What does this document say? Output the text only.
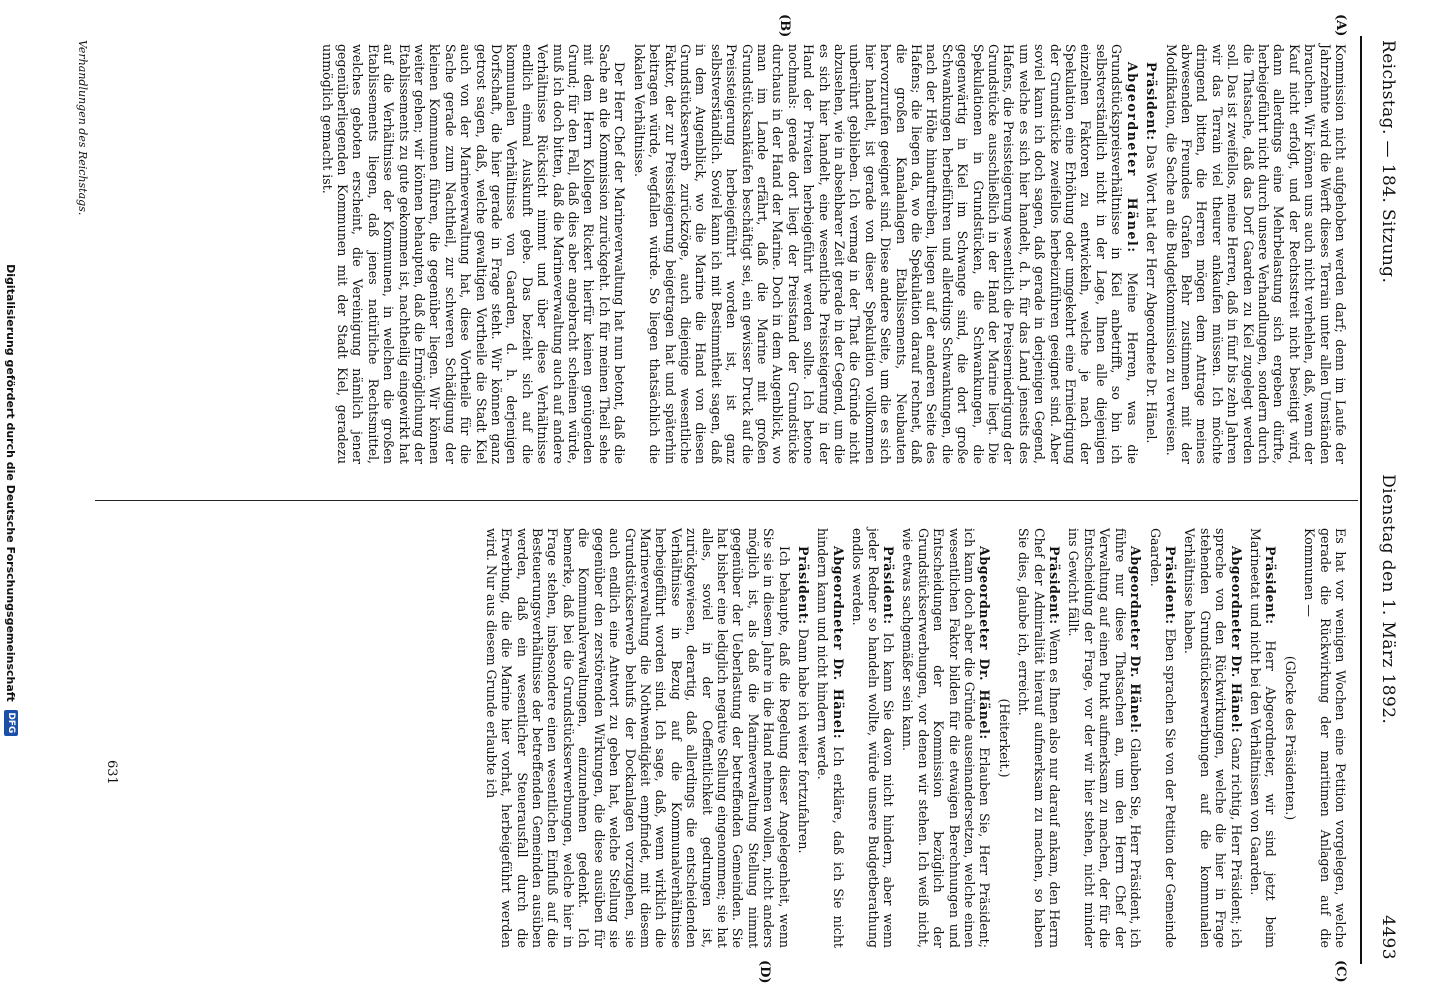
Reichstag. — 184. Sitzung.
Dienstag den 1. März 1892.
4493
(A)
(B)
(C)
(D)

Kommission nicht aufgehoben werden darf; denn im Laufe der Jahrzehnte wird die Werft dieses Terrain unter allen Umständen brauchen. Wir können uns auch nicht verhehlen, daß, wenn der Kauf nicht erfolgt, und der Rechtsstreit nicht beseitigt wird, dann allerdings eine Mehrbelastung sich ergeben dürfte, herbeigeführt nicht durch unsere Verhandlungen, sondern durch die Thatsache, daß das Dorf Gaarden zu Kiel zugelegt werden soll. Das ist zweifellos, meine Herren, daß in fünf bis zehn Jahren wir das Terrain viel theurer ankaufen müssen. Ich möchte dringend bitten, die Herren mögen dem Antrage meines abwesenden Freundes Grafen Behr zustimmen mit der Modifikation, die Sache an die Budgetkommission zu verweisen.

Präsident: Das Wort hat der Herr Abgeordnete Dr. Hänel.

Abgeordneter Hänel: Meine Herren, was die Grundstückspreisverhältnisse in Kiel anbetrifft, so bin ich selbstverständlich nicht in der Lage, Ihnen alle diejenigen einzelnen Faktoren zu entwickeln, welche je nach der Spekulation eine Erhöhung oder umgekehrt eine Erniedrigung der Grundstücke zweifellos herbeizuführen geeignet sind. Aber soviel kann ich doch sagen, daß gerade in derjenigen Gegend, um welche es sich hier handelt, d. h. für das Land jenseits des Hafens, die Preissteigerung wesentlich die Preiserniedrigung der Grundstücke ausschließlich in der Hand der Marine liegt. Die Spekulationen in Grundstücken, die Schwankungen, die gegenwärtig in Kiel im Schwange sind, die dort große Schwankungen herbeiführen und allerdings Schwankungen, die nach der Höhe hinauftreiben, liegen auf der anderen Seite des Hafens; die liegen da, wo die Spekulation darauf rechnet, daß die großen Kanalanlagen Etablissements, Neubauten hervorzurufen geeignet sind. Diese andere Seite, um die es sich hier handelt, ist gerade von dieser Spekulation vollkommen unberührt geblieben. Ich vermag in der That die Gründe nicht abzusehen, wie in absehbarer Zeit gerade in der Gegend, um die es sich hier handelt, eine wesentliche Preissteigerung in der Hand der Privaten herbeigeführt werden sollte. Ich betone nochmals: gerade dort liegt der Preisstand der Grundstücke durchaus in der Hand der Marine. Doch in dem Augenblick, wo man im Lande erfährt, daß die Marine mit großen Grundstücksankäufen beschäftigt sei, ein gewisser Druck auf die Preissteigerung herbeigeführt worden ist, ist ganz selbstverständlich. Soviel kann ich mit Bestimmtheit sagen, daß in dem Augenblick, wo die Marine die Hand von diesen Grundstückserwerb zurückzöge, auch diejenige wesentliche Faktor, der zur Preissteigerung beigetragen hat und späterhin beitragen würde, wegfallen würde. So liegen thatsächlich die lokalen Verhältnisse.

Der Herr Chef der Marineverwaltung hat nun betont, daß die Sache an die Kommission zurückgeht. Ich für meinen Theil sehe mit dem Herrn Kollegen Rickert hierfür keinen genügenden Grund; für den Fall, daß dies aber angebracht scheinen würde, muß ich doch bitten, daß die Marineverwaltung auch auf andere Verhältnisse Rücksicht nimmt und über diese Verhältnisse endlich einmal Auskunft gebe. Das bezieht sich auf die kommunalen Verhältnisse von Gaarden, d. h. derjenigen Dorfschaft, die hier gerade in Frage steht. Wir können ganz getrost sagen, daß, welche gewaltigen Vortheile die Stadt Kiel auch von der Marineverwaltung hat, diese Vortheile für die Sache gerade zum Nachtheil, zur schweren Schädigung der kleinen Kommunen führen, die gegenüber liegen. Wir können weiter gehen; wir können behaupten, daß die Ermöglichung der Etablissements zu gute gekommen ist, nachtheilig eingewirkt hat auf die Verhältnisse der Kommunen, in welchen die großen Etablissements liegen, daß jenes natürliche Rechtsmittel, welches geboten erscheint, die Vereinigung nämlich jener gegenüberliegenden Kommunen mit der Stadt Kiel, geradezu unmöglich gemacht ist.

Es hat vor wenigen Wochen eine Petition vorgelegen, welche gerade die Rückwirkung der maritimen Anlagen auf die Kommunen —

(Glocke des Präsidenten.)

Präsident: Herr Abgeordneter, wir sind jetzt beim Marineetat und nicht bei den Verhältnissen von Gaarden.

Abgeordneter Dr. Hänel: Ganz richtig, Herr Präsident; ich spreche von den Rückwirkungen, welche die hier in Frage stehenden Grundstückserwerbungen auf die kommunalen Verhältnisse haben.

Präsident: Eben sprachen Sie von der Petition der Gemeinde Gaarden.

Abgeordneter Dr. Hänel: Glauben Sie, Herr Präsident, ich führe nur diese Thatsachen an, um den Herrn Chef der Verwaltung auf einen Punkt aufmerksam zu machen, der für die Entscheidung der Frage, vor der wir hier stehen, nicht minder ins Gewicht fällt.

Präsident: Wenn es Ihnen also nur darauf ankam, den Herrn Chef der Admiralität hierauf aufmerksam zu machen, so haben Sie dies, glaube ich, erreicht.

(Heiterkeit.)

Abgeordneter Dr. Hänel: Erlauben Sie, Herr Präsident; ich kann doch aber die Gründe auseinandersetzen, welche einen wesentlichen Faktor bilden für die etwaigen Berechnungen und Entscheidungen der Kommission bezüglich der Grundstückserwerbungen, vor denen wir stehen. Ich weiß nicht, wie etwas sachgemäßer sein kann.

Präsident: Ich kann Sie davon nicht hindern, aber wenn jeder Redner so handeln wollte, würde unsere Budgetberathung endlos werden.

Abgeordneter Dr. Hänel: Ich erkläre, daß ich Sie nicht hindern kann und nicht hindern werde.

Präsident: Dann habe ich weiter fortzufahren.

Ich behaupte, daß die Regelung dieser Angelegenheit, wenn Sie sie in diesem Jahre in die Hand nehmen wollen, nicht anders möglich ist, als daß die Marineverwaltung Stellung nimmt gegenüber der Ueberlastung der betreffenden Gemeinden. Sie hat bisher eine lediglich negative Stellung eingenommen; sie hat alles, soviel in der Oeffentlichkeit gedrungen ist, zurückgewiesen, derartig, daß allerdings die entscheidenden Verhältnisse in Bezug auf die Kommunalverhältnisse herbeigeführt worden sind. Ich sage, daß, wenn wirklich die Marineverwaltung die Nothwendigkeit empfindet, mit diesem Grundstückserwerb behufs der Dockanlagen vorzugehen, sie auch endlich eine Antwort zu geben hat, welche Stellung sie gegenüber den zerstörenden Wirkungen, die diese ausüben für die Kommunalverwaltungen, einzunehmen gedenkt. Ich bemerke, daß bei die Grundstückserwerbungen, welche hier in Frage stehen, insbesondere einen wesentlichen Einfluß auf die Besteuerungsverhältnisse der betreffenden Gemeinden ausüben werden, daß ein wesentlicher Steuerausfall durch die Erwerbung, die die Marine hier vorhat, herbeigeführt werden wird. Nur aus diesem Grunde erlaubte ich

Verhandlungen des Reichstags.
631
Digitalisierung gefördert durch die Deutsche Forschungsgemeinschaft
DFG
